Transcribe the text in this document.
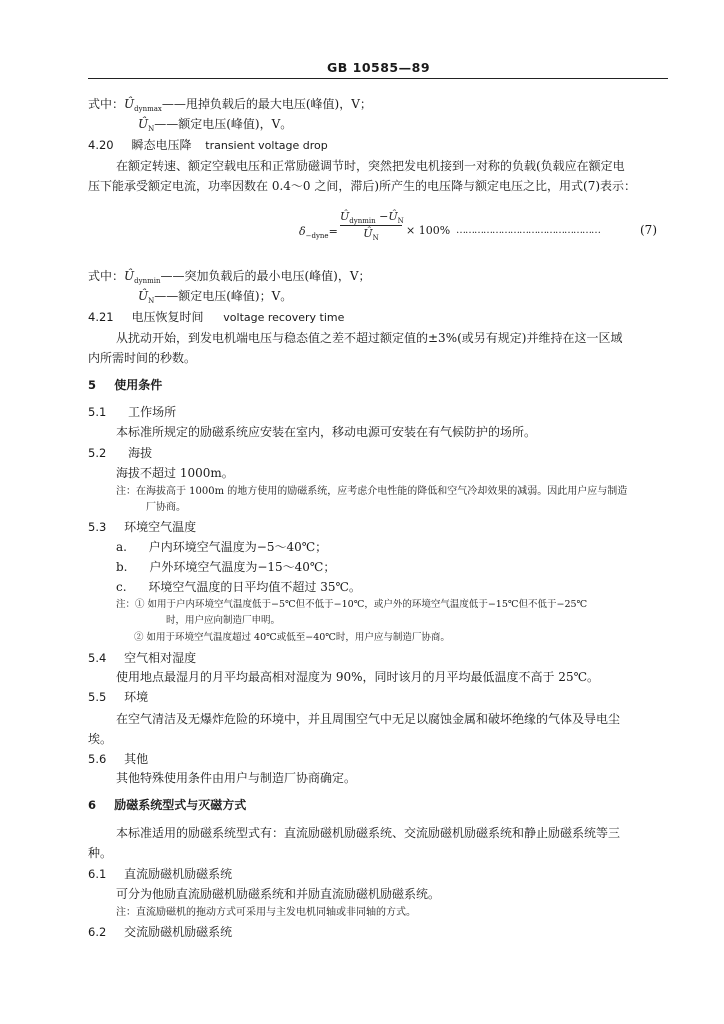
GB 10585—89
式中：$Û_{dynmax}——$甩掉负载后的最大电压(峰值)，V；
$Û_N——$额定电压(峰值)，V。
4.20 瞬态电压降 transient voltage drop
在额定转速、额定空载电压和正常励磁调节时，突然把发电机接到一对称的负载(负载应在额定电
压下能承受额定电流，功率因数在 0.4～0 之间，滞后)所产生的电压降与额定电压之比，用式(7)表示：
$\delta_{-dyne}=$
$Û_{dynmin}$ $-Û_N$
$Û_N$
× 100% …………………………………………	(7)
式中：$Û_{dynmin}——$突加负载后的最小电压(峰值)，V；
$Û_N——$额定电压(峰值)；V。
4.21 电压恢复时间 voltage recovery time
从扰动开始，到发电机端电压与稳态值之差不超过额定值的±3%(或另有规定)并维持在这一区域
内所需时间的秒数。
5 使用条件
5.1 工作场所
本标准所规定的励磁系统应安装在室内，移动电源可安装在有气候防护的场所。
5.2 海拔
海拔不超过 1000m。
注：在海拔高于 1000m 的地方使用的励磁系统，应考虑介电性能的降低和空气冷却效果的减弱。因此用户应与制造
厂协商。
5.3 环境空气温度
a. 户内环境空气温度为−5～40℃；
b. 户外环境空气温度为−15～40℃；
c. 环境空气温度的日平均值不超过 35℃。
注：① 如用于户内环境空气温度低于−5℃但不低于−10℃，或户外的环境空气温度低于−15℃但不低于−25℃
时，用户应向制造厂申明。
② 如用于环境空气温度超过 40℃或低至−40℃时，用户应与制造厂协商。
5.4 空气相对湿度
使用地点最湿月的月平均最高相对湿度为 90%，同时该月的月平均最低温度不高于 25℃。
5.5 环境
在空气清洁及无爆炸危险的环境中，并且周围空气中无足以腐蚀金属和破坏绝缘的气体及导电尘
埃。
5.6 其他
其他特殊使用条件由用户与制造厂协商确定。
6 励磁系统型式与灭磁方式
本标准适用的励磁系统型式有：直流励磁机励磁系统、交流励磁机励磁系统和静止励磁系统等三
种。
6.1 直流励磁机励磁系统
可分为他励直流励磁机励磁系统和并励直流励磁机励磁系统。
注：直流励磁机的拖动方式可采用与主发电机同轴或非同轴的方式。
6.2 交流励磁机励磁系统
